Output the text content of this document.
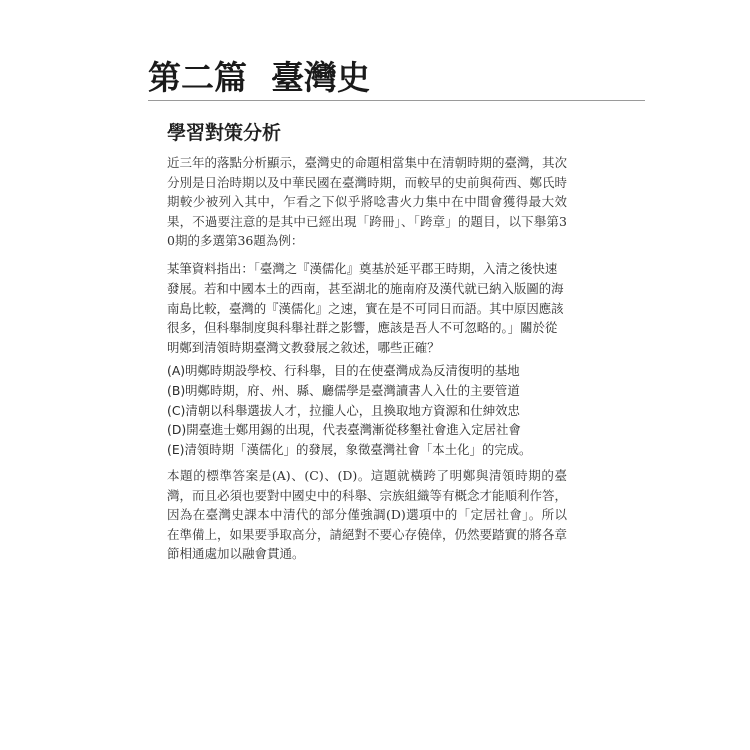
第二篇 臺灣史
學習對策分析

近三年的落點分析顯示，臺灣史的命題相當集中在清朝時期的臺灣，其次分別是日治時期以及中華民國在臺灣時期，而較早的史前與荷西、鄭氏時期較少被列入其中，乍看之下似乎將唸書火力集中在中間會獲得最大效果，不過要注意的是其中已經出現「跨冊」、「跨章」的題目，以下舉第30期的多選第36題為例：

某筆資料指出：「臺灣之『漢儒化』奠基於延平郡王時期，入清之後快速發展。若和中國本土的西南，甚至湖北的施南府及漢代就已納入版圖的海南島比較，臺灣的『漢儒化』之速，實在是不可同日而語。其中原因應該很多，但科舉制度與科舉社群之影響，應該是吾人不可忽略的。」關於從明鄭到清領時期臺灣文教發展之敘述，哪些正確？

(A)明鄭時期設學校、行科舉，目的在使臺灣成為反清復明的基地
(B)明鄭時期，府、州、縣、廳儒學是臺灣讀書人入仕的主要管道
(C)清朝以科舉選拔人才，拉攏人心，且換取地方資源和仕紳效忠
(D)開臺進士鄭用錫的出現，代表臺灣漸從移墾社會進入定居社會
(E)清領時期「漢儒化」的發展，象徵臺灣社會「本土化」的完成。

本題的標準答案是(A)、(C)、(D)。這題就橫跨了明鄭與清領時期的臺灣，而且必須也要對中國史中的科舉、宗族組織等有概念才能順利作答，因為在臺灣史課本中清代的部分僅強調(D)選項中的「定居社會」。所以在準備上，如果要爭取高分，請絕對不要心存僥倖，仍然要踏實的將各章節相通處加以融會貫通。
